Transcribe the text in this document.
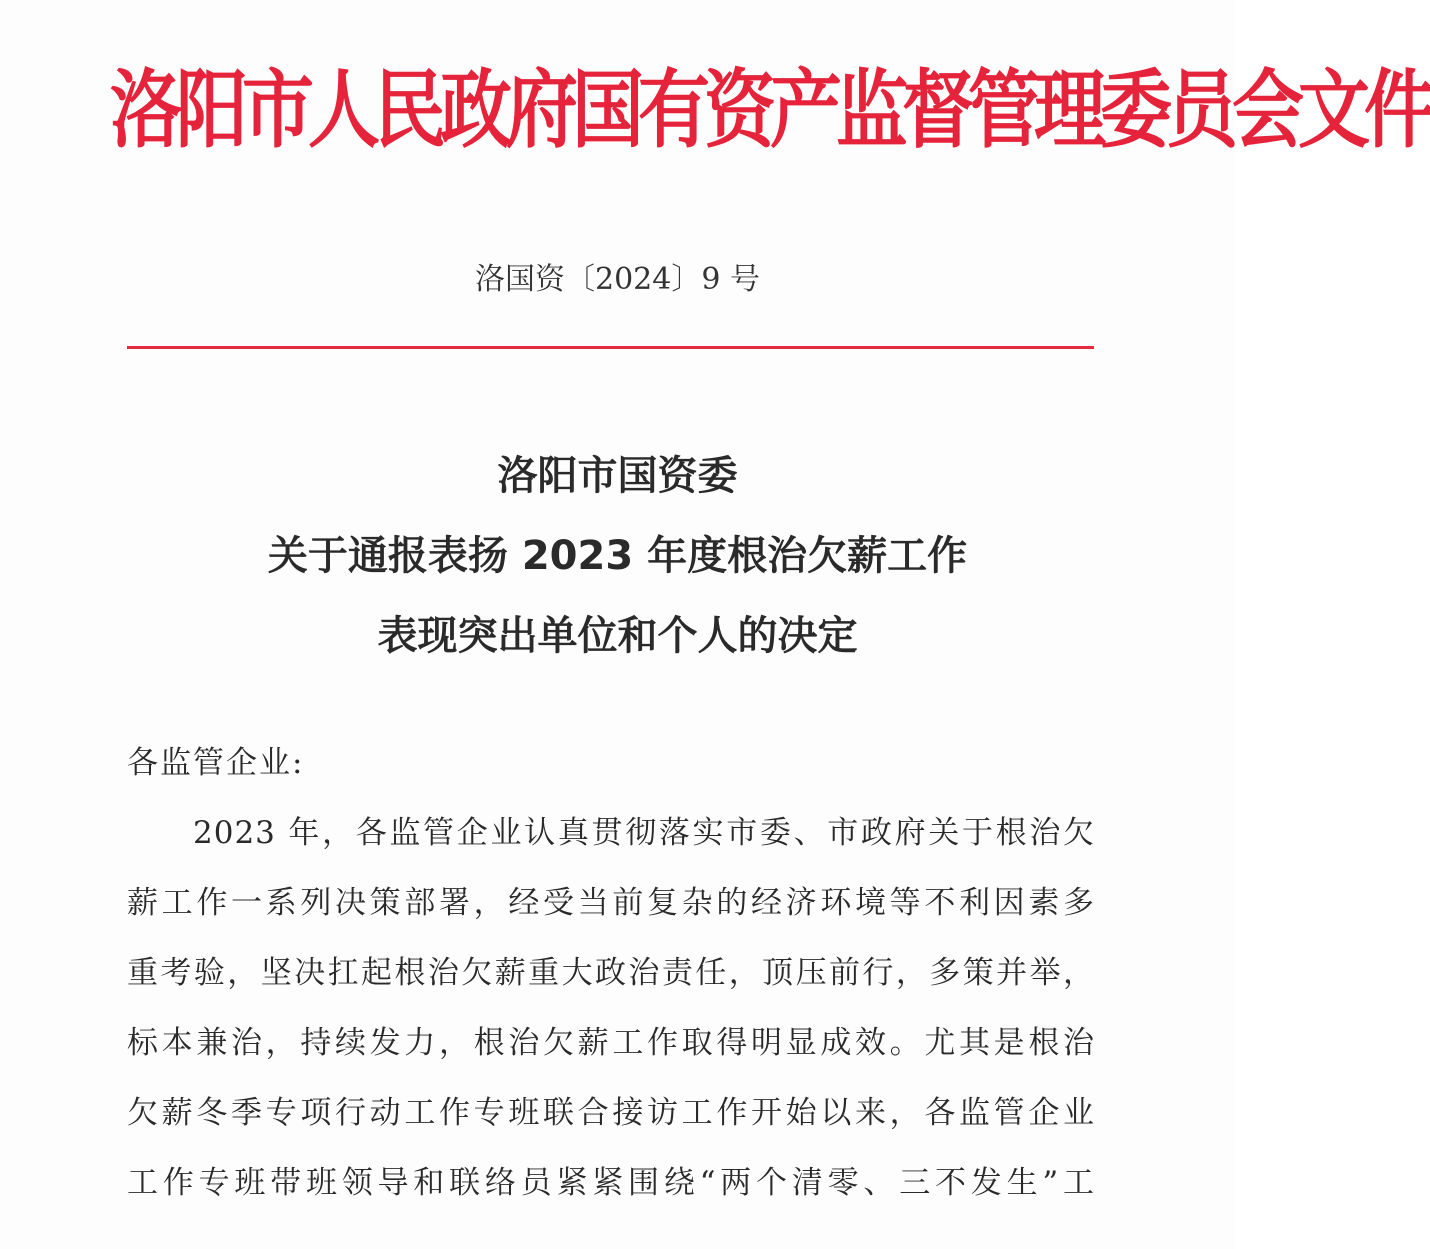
洛阳市人民政府国有资产监督管理委员会文件
洛国资〔2024〕9 号
洛阳市国资委
关于通报表扬 2023 年度根治欠薪工作
表现突出单位和个人的决定

各监管企业:

2023 年，各监管企业认真贯彻落实市委、市政府关于根治欠
薪工作一系列决策部署，经受当前复杂的经济环境等不利因素多
重考验，坚决扛起根治欠薪重大政治责任，顶压前行，多策并举，
标本兼治，持续发力，根治欠薪工作取得明显成效。尤其是根治
欠薪冬季专项行动工作专班联合接访工作开始以来，各监管企业
工作专班带班领导和联络员紧紧围绕“两个清零、三不发生”工
